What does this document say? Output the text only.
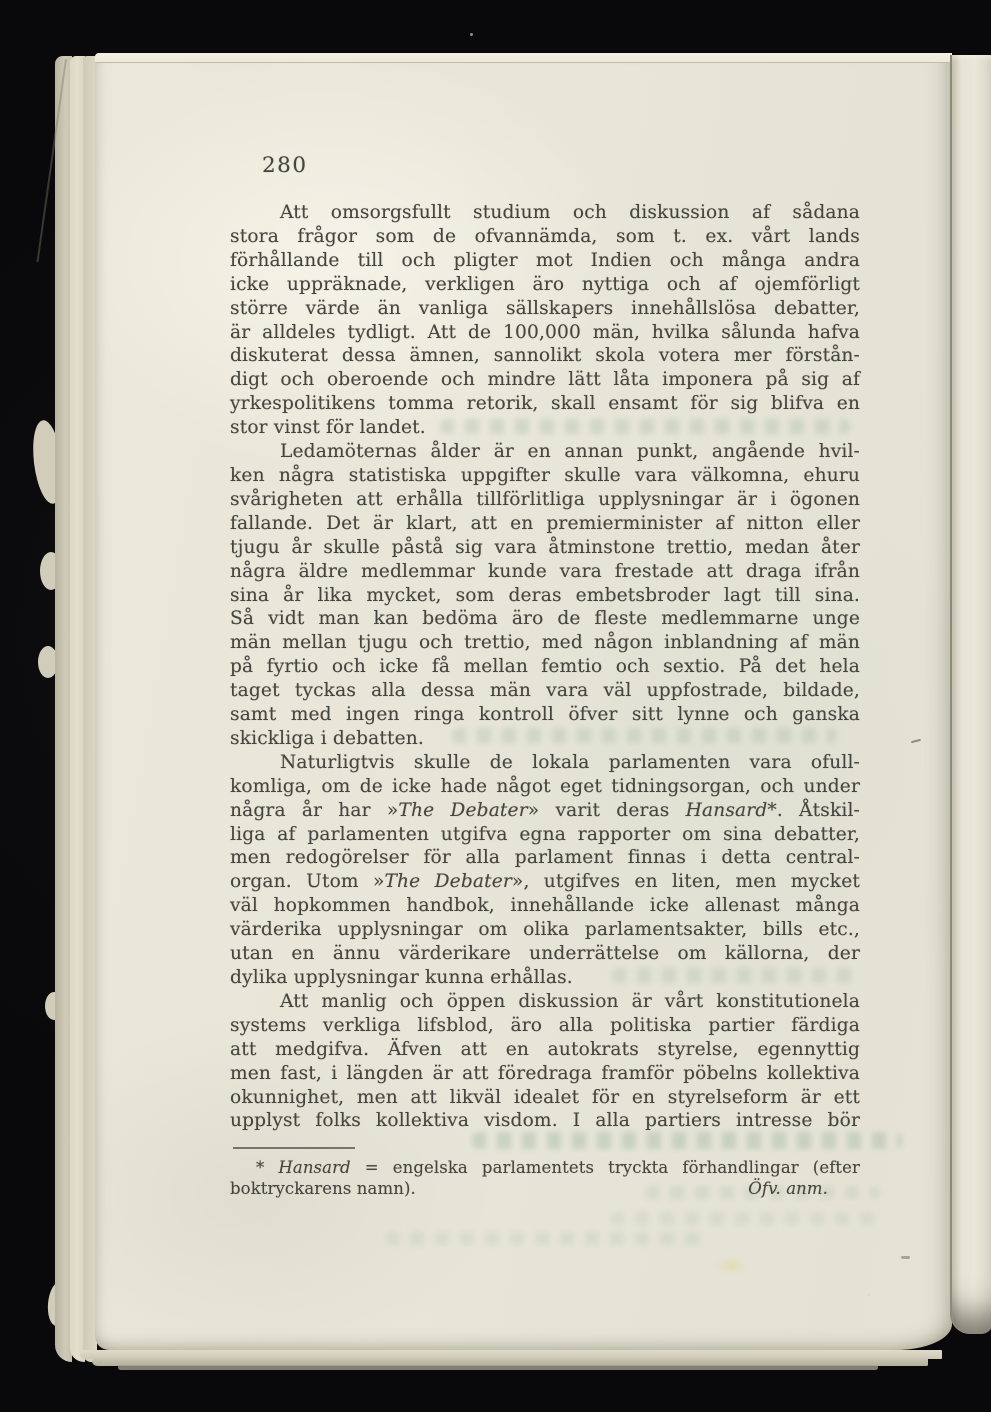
280
Att omsorgsfullt studium och diskussion af sådana
stora frågor som de ofvannämda, som t. ex. vårt lands
förhållande till och pligter mot Indien och många andra
icke uppräknade, verkligen äro nyttiga och af ojemförligt
större värde än vanliga sällskapers innehållslösa debatter,
är alldeles tydligt. Att de 100,000 män, hvilka sålunda hafva
diskuterat dessa ämnen, sannolikt skola votera mer förstån-
digt och oberoende och mindre lätt låta imponera på sig af
yrkespolitikens tomma retorik, skall ensamt för sig blifva en
stor vinst för landet.
Ledamöternas ålder är en annan punkt, angående hvil-
ken några statistiska uppgifter skulle vara välkomna, ehuru
svårigheten att erhålla tillförlitliga upplysningar är i ögonen
fallande. Det är klart, att en premierminister af nitton eller
tjugu år skulle påstå sig vara åtminstone trettio, medan åter
några äldre medlemmar kunde vara frestade att draga ifrån
sina år lika mycket, som deras embetsbroder lagt till sina.
Så vidt man kan bedöma äro de fleste medlemmarne unge
män mellan tjugu och trettio, med någon inblandning af män
på fyrtio och icke få mellan femtio och sextio. På det hela
taget tyckas alla dessa män vara väl uppfostrade, bildade,
samt med ingen ringa kontroll öfver sitt lynne och ganska
skickliga i debatten.
Naturligtvis skulle de lokala parlamenten vara ofull-
komliga, om de icke hade något eget tidningsorgan, och under
några år har »The Debater» varit deras Hansard*. Åtskil-
liga af parlamenten utgifva egna rapporter om sina debatter,
men redogörelser för alla parlament finnas i detta central-
organ. Utom »The Debater», utgifves en liten, men mycket
väl hopkommen handbok, innehållande icke allenast många
värderika upplysningar om olika parlamentsakter, bills etc.,
utan en ännu värderikare underrättelse om källorna, der
dylika upplysningar kunna erhållas.
Att manlig och öppen diskussion är vårt konstitutionela
systems verkliga lifsblod, äro alla politiska partier färdiga
att medgifva. Äfven att en autokrats styrelse, egennyttig
men fast, i längden är att föredraga framför pöbelns kollektiva
okunnighet, men att likväl idealet för en styrelseform är ett
upplyst folks kollektiva visdom. I alla partiers intresse bör
* Hansard = engelska parlamentets tryckta förhandlingar (efter
boktryckarens namn).	Öfv. anm.
